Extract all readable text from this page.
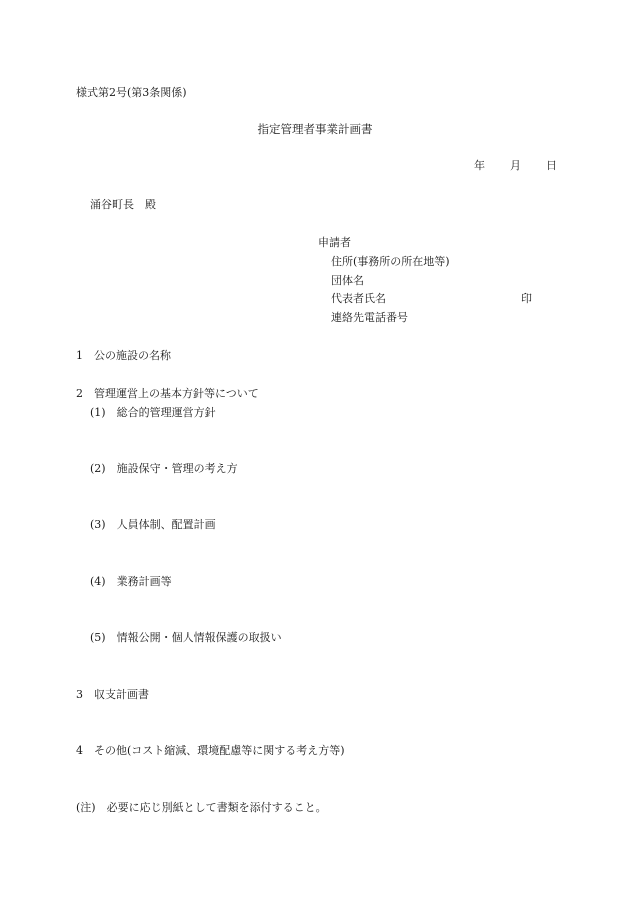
様式第2号(第3条関係)
指定管理者事業計画書
年 月 日
涌谷町長　殿
申請者
住所(事務所の所在地等)
団体名
代表者氏名	印
連絡先電話番号
1　公の施設の名称
2　管理運営上の基本方針等について
(1)　総合的管理運営方針
(2)　施設保守・管理の考え方
(3)　人員体制、配置計画
(4)　業務計画等
(5)　情報公開・個人情報保護の取扱い
3　収支計画書
4　その他(コスト縮減、環境配慮等に関する考え方等)
(注)　必要に応じ別紙として書類を添付すること。
